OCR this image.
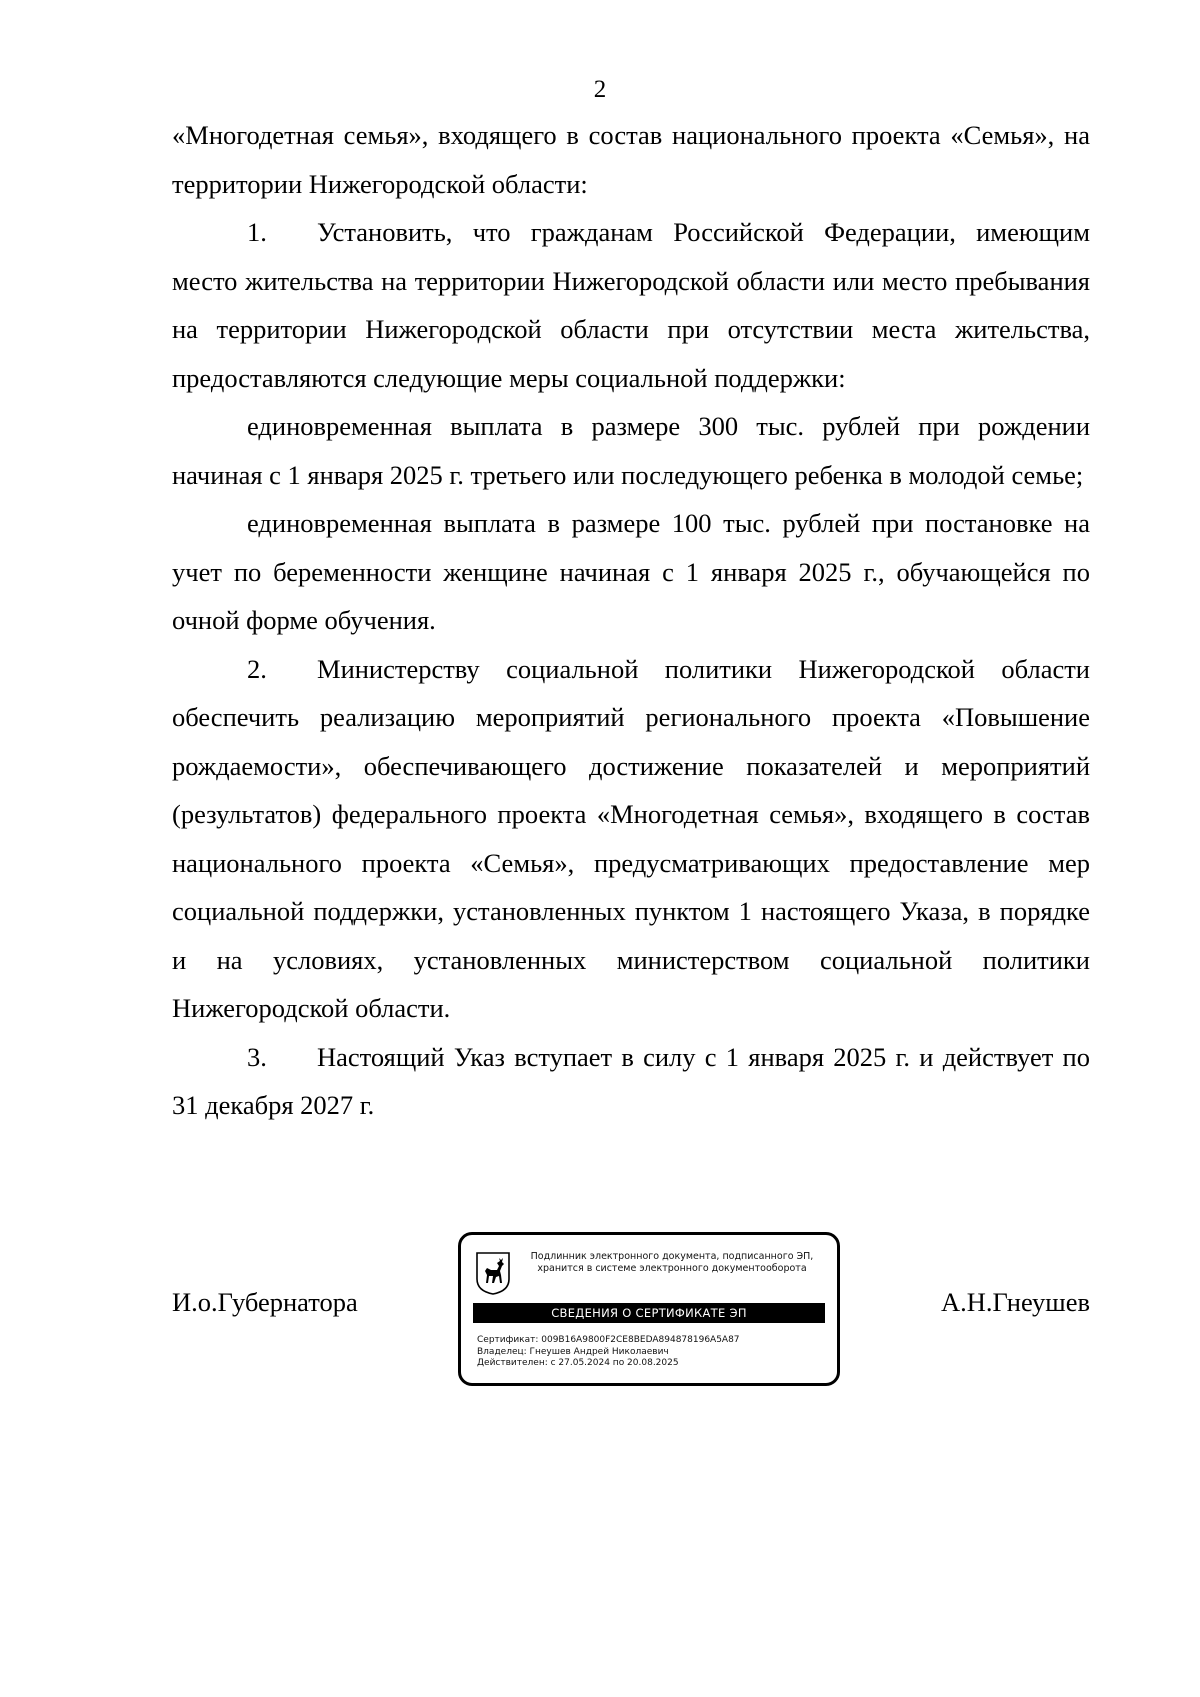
2

«Многодетная семья», входящего в состав национального проекта «Семья», на территории Нижегородской области:

1. Установить, что гражданам Российской Федерации, имеющим место жительства на территории Нижегородской области или место пребывания на территории Нижегородской области при отсутствии места жительства, предоставляются следующие меры социальной поддержки:

единовременная выплата в размере 300 тыс. рублей при рождении начиная с 1 января 2025 г. третьего или последующего ребенка в молодой семье;

единовременная выплата в размере 100 тыс. рублей при постановке на учет по беременности женщине начиная с 1 января 2025 г., обучающейся по очной форме обучения.

2. Министерству социальной политики Нижегородской области обеспечить реализацию мероприятий регионального проекта «Повышение рождаемости», обеспечивающего достижение показателей и мероприятий (результатов) федерального проекта «Многодетная семья», входящего в состав национального проекта «Семья», предусматривающих предоставление мер социальной поддержки, установленных пунктом 1 настоящего Указа, в порядке и на условиях, установленных министерством социальной политики Нижегородской области.

3. Настоящий Указ вступает в силу с 1 января 2025 г. и действует по 31 декабря 2027 г.

И.о.Губернатора
Подлинник электронного документа, подписанного ЭП,
хранится в системе электронного документооборота
СВЕДЕНИЯ О СЕРТИФИКАТЕ ЭП
Сертификат: 009B16A9800F2CE8BEDA894878196A5A87
Владелец: Гнеушев Андрей Николаевич
Действителен: с 27.05.2024 по 20.08.2025
А.Н.Гнеушев
